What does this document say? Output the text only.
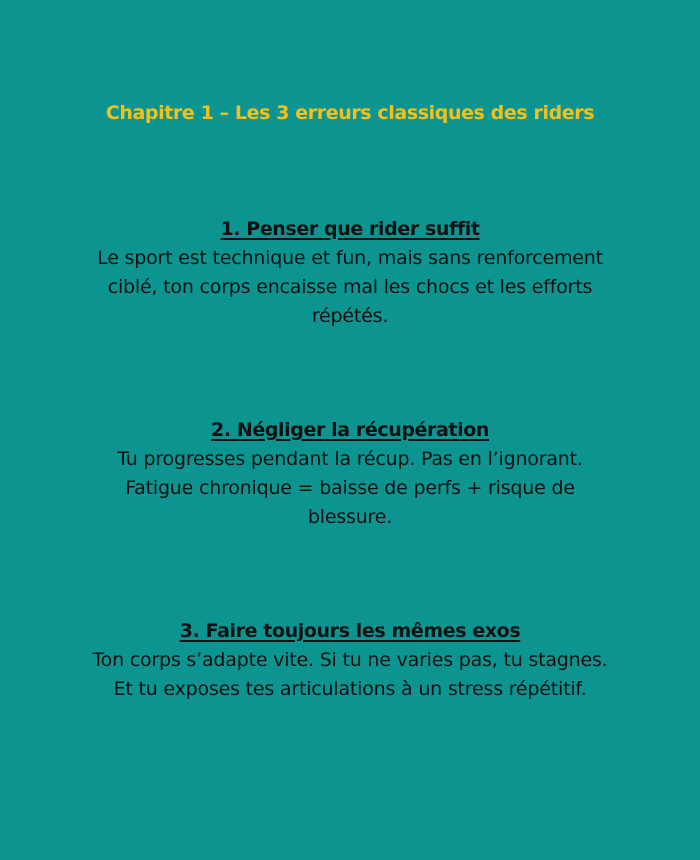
Chapitre 1 – Les 3 erreurs classiques des riders
1. Penser que rider suffit
Le sport est technique et fun, mais sans renforcement ciblé, ton corps encaisse mal les chocs et les efforts répétés.
2. Négliger la récupération
Tu progresses pendant la récup. Pas en l’ignorant. Fatigue chronique = baisse de perfs + risque de blessure.
3. Faire toujours les mêmes exos
Ton corps s’adapte vite. Si tu ne varies pas, tu stagnes. Et tu exposes tes articulations à un stress répétitif.
